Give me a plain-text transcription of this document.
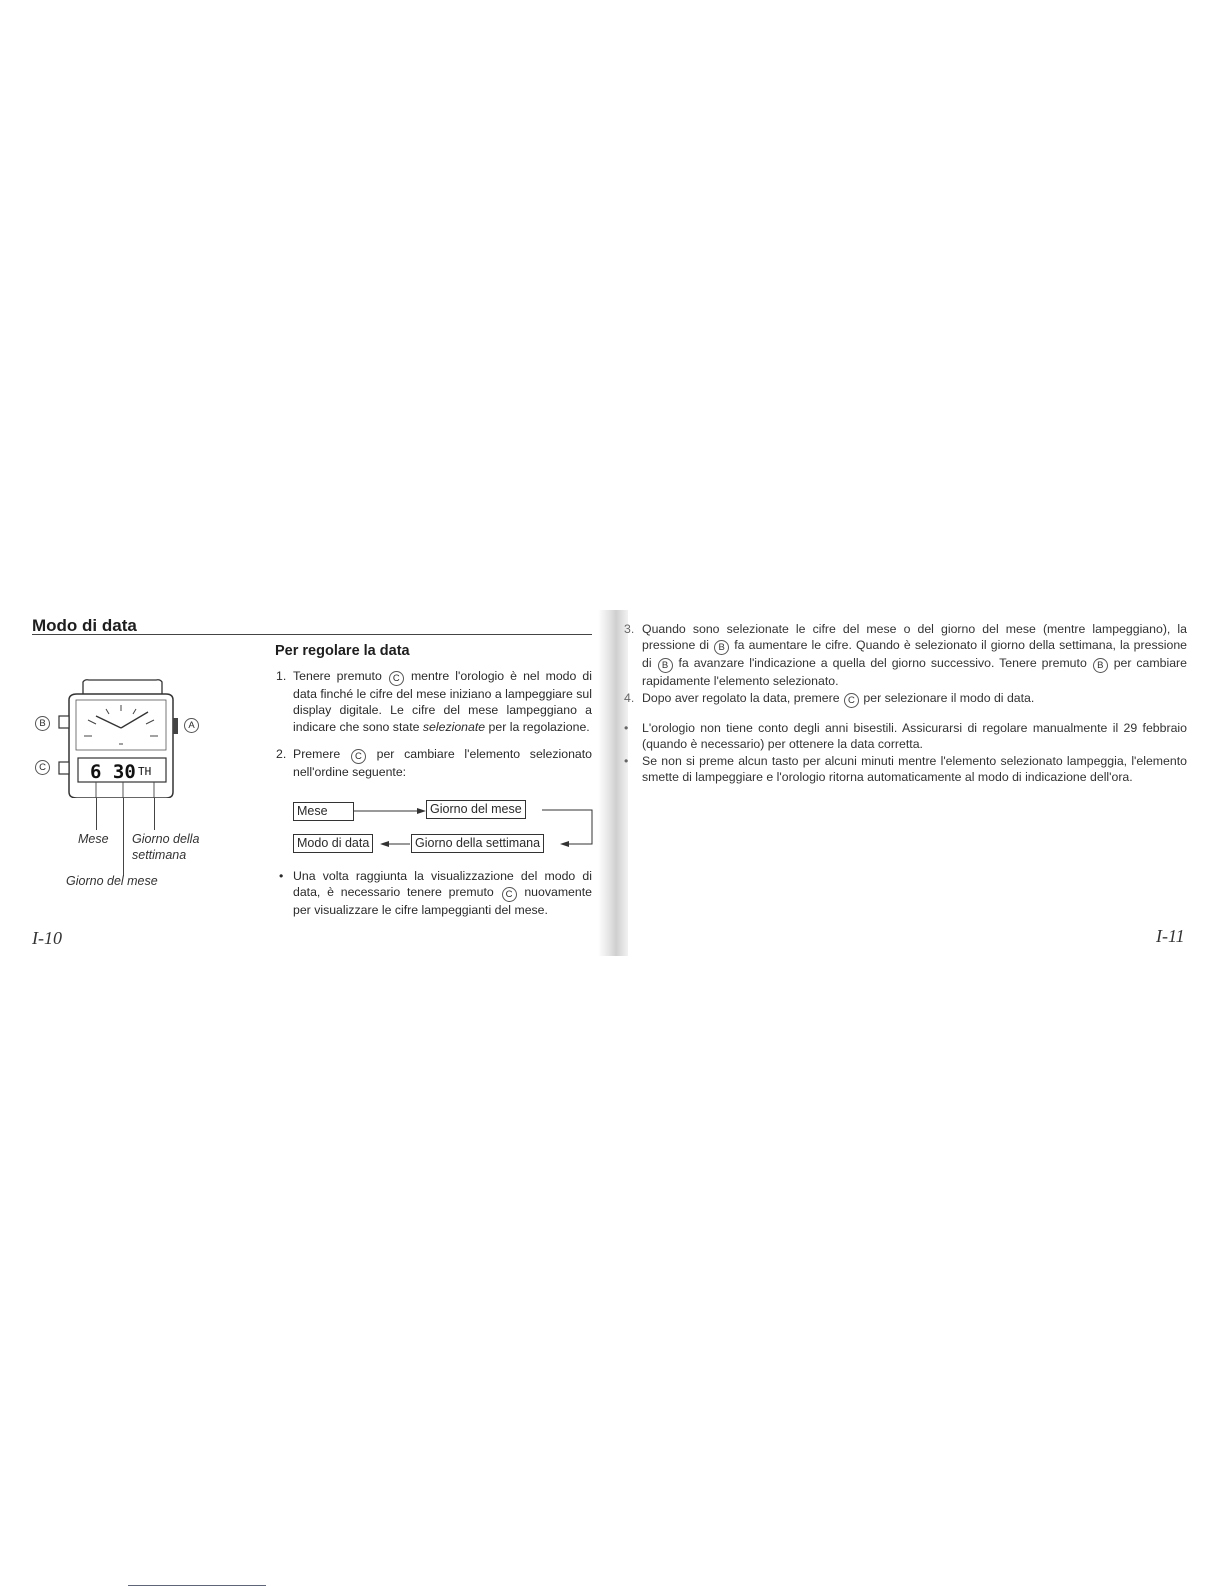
Modo di data
6 30 TH
B
C
A
Mese Giorno della
settimana
Giorno del mese
I-10
Per regolare la data
1. Tenere premuto C mentre l'orologio è nel modo di data finché le cifre del mese iniziano a lampeggiare sul display digitale. Le cifre del mese lampeggiano a indicare che sono state selezionate per la regolazione.
2. Premere C per cambiare l'elemento selezionato nell'ordine seguente:
Mese	Giorno del mese
Giorno della settimana
Modo di data
• Una volta raggiunta la visualizzazione del modo di data, è necessario tenere premuto C nuovamente per visualizzare le cifre lampeggianti del mese.
3. Quando sono selezionate le cifre del mese o del giorno del mese (mentre lampeggiano), la pressione di B fa aumentare le cifre. Quando è selezionato il giorno della settimana, la pressione di B fa avanzare l'indicazione a quella del giorno successivo. Tenere premuto B per cambiare rapidamente l'elemento selezionato.
4. Dopo aver regolato la data, premere C per selezionare il modo di data.
• L'orologio non tiene conto degli anni bisestili. Assicurarsi di regolare manualmente il 29 febbraio (quando è necessario) per ottenere la data corretta.
• Se non si preme alcun tasto per alcuni minuti mentre l'elemento selezionato lampeggia, l'elemento smette di lampeggiare e l'orologio ritorna automaticamente al modo di indicazione dell'ora.
I-11
